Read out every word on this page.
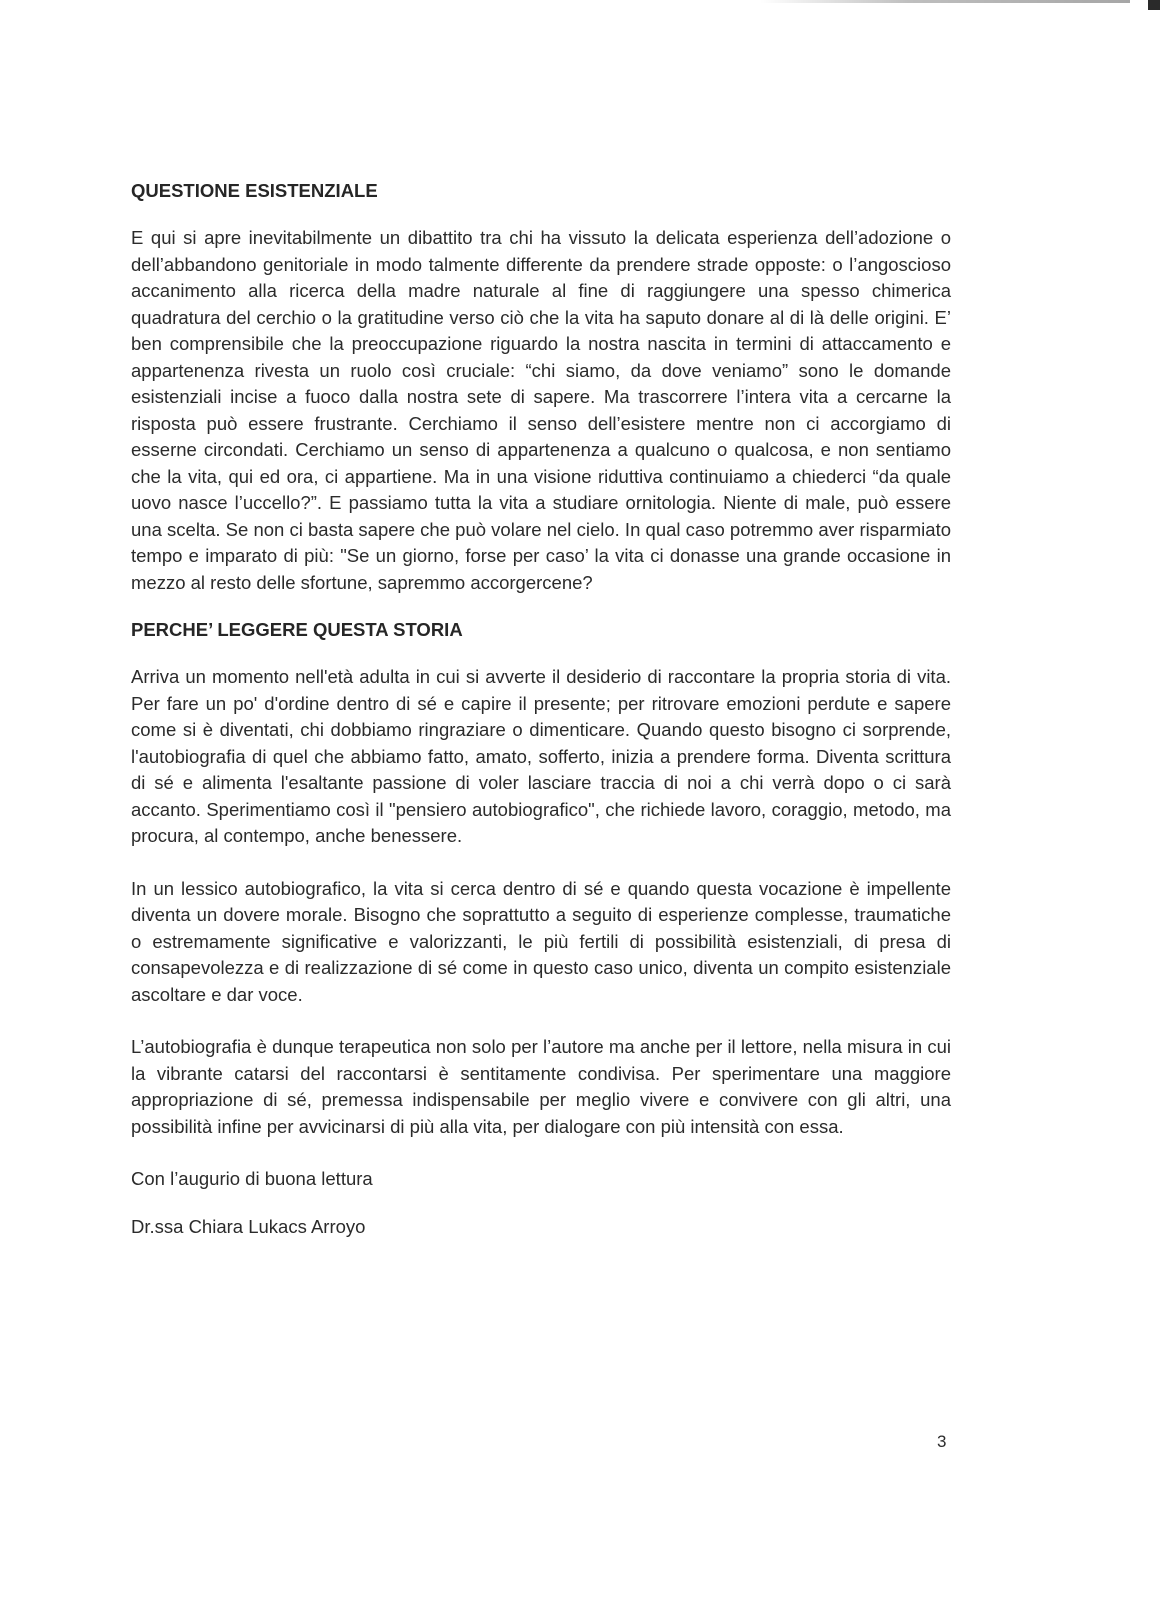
QUESTIONE ESISTENZIALE

E qui si apre inevitabilmente un dibattito tra chi ha vissuto la delicata esperienza dell’adozione o dell’abbandono genitoriale in modo talmente differente da prendere strade opposte: o l’angoscioso accanimento alla ricerca della madre naturale al fine di raggiungere una spesso chimerica quadratura del cerchio o la gratitudine verso ciò che la vita ha saputo donare al di là delle origini. E’ ben comprensibile che la preoccupazione riguardo la nostra nascita in termini di attaccamento e appartenenza rivesta un ruolo così cruciale: “chi siamo, da dove veniamo” sono le domande esistenziali incise a fuoco dalla nostra sete di sapere. Ma trascorrere l’intera vita a cercarne la risposta può essere frustrante. Cerchiamo il senso dell’esistere mentre non ci accorgiamo di esserne circondati. Cerchiamo un senso di appartenenza a qualcuno o qualcosa, e non sentiamo che la vita, qui ed ora, ci appartiene. Ma in una visione riduttiva continuiamo a chiederci “da quale uovo nasce l’uccello?”. E passiamo tutta la vita a studiare ornitologia. Niente di male, può essere una scelta. Se non ci basta sapere che può volare nel cielo. In qual caso potremmo aver risparmiato tempo e imparato di più: "Se un giorno, forse per caso’ la vita ci donasse una grande occasione in mezzo al resto delle sfortune, sapremmo accorgercene?

PERCHE’ LEGGERE QUESTA STORIA

Arriva un momento nell'età adulta in cui si avverte il desiderio di raccontare la propria storia di vita. Per fare un po' d'ordine dentro di sé e capire il presente; per ritrovare emozioni perdute e sapere come si è diventati, chi dobbiamo ringraziare o dimenticare. Quando questo bisogno ci sorprende, l'autobiografia di quel che abbiamo fatto, amato, sofferto, inizia a prendere forma. Diventa scrittura di sé e alimenta l'esaltante passione di voler lasciare traccia di noi a chi verrà dopo o ci sarà accanto. Sperimentiamo così il "pensiero autobiografico", che richiede lavoro, coraggio, metodo, ma procura, al contempo, anche benessere.

In un lessico autobiografico, la vita si cerca dentro di sé e quando questa vocazione è impellente diventa un dovere morale. Bisogno che soprattutto a seguito di esperienze complesse, traumatiche o estremamente significative e valorizzanti, le più fertili di possibilità esistenziali, di presa di consapevolezza e di realizzazione di sé come in questo caso unico, diventa un compito esistenziale ascoltare e dar voce.

L’autobiografia è dunque terapeutica non solo per l’autore ma anche per il lettore, nella misura in cui la vibrante catarsi del raccontarsi è sentitamente condivisa. Per sperimentare una maggiore appropriazione di sé, premessa indispensabile per meglio vivere e convivere con gli altri, una possibilità infine per avvicinarsi di più alla vita, per dialogare con più intensità con essa.

Con l’augurio di buona lettura

Dr.ssa Chiara Lukacs Arroyo

3
